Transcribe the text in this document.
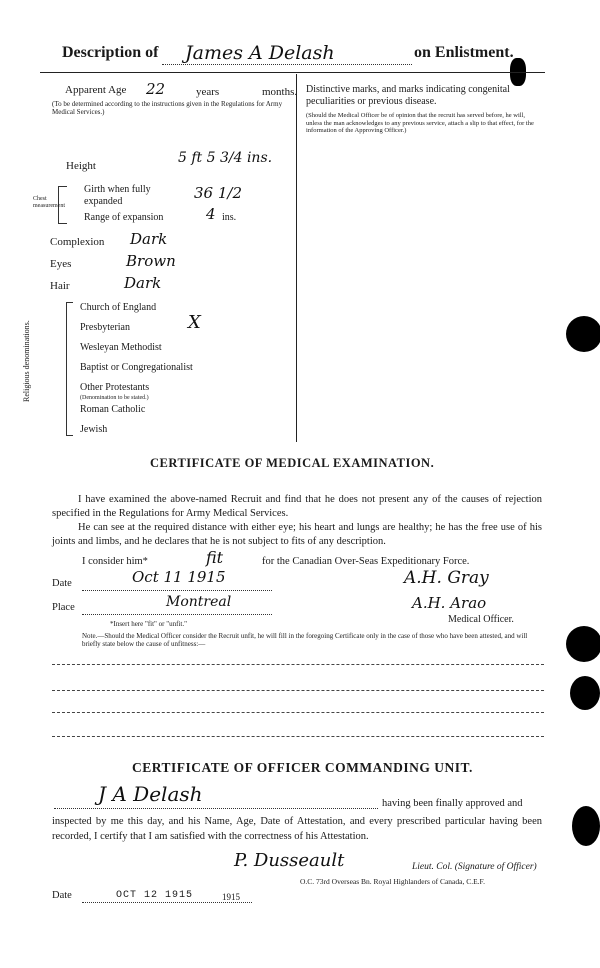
Description of James A Delash	on Enlistment.
Apparent Age 22	years	months.
(To be determined according to the instructions given in the Regulations for Army Medical Services.)
Height	5 ft 5 3/4 ins.
Chest measurement
Girth when fully expanded	36 1/2
Range of expansion	4 ins.
Complexion Dark
Eyes	Brown
Hair	Dark
Religious denominations.
Church of England
Presbyterian	X
Wesleyan Methodist
Baptist or Congregationalist
Other Protestants
(Denomination to be stated.)
Roman Catholic
Jewish
Distinctive marks, and marks indicating congenital peculiarities or previous disease.
(Should the Medical Officer be of opinion that the recruit has served before, he will, unless the man acknowledges to any previous service, attach a slip to that effect, for the information of the Approving Officer.)
CERTIFICATE OF MEDICAL EXAMINATION.
I have examined the above-named Recruit and find that he does not present any of the causes of rejection specified in the Regulations for Army Medical Services.
He can see at the required distance with either eye; his heart and lungs are healthy; he has the free use of his joints and limbs, and he declares that he is not subject to fits of any description.
I consider him*	fit	for the Canadian Over-Seas Expeditionary Force.
Date	Oct 11 1915	A.H. Gray
Place	Montreal	A.H. Arao
Medical Officer.
*Insert here "fit" or "unfit."
Note.—Should the Medical Officer consider the Recruit unfit, he will fill in the foregoing Certificate only in the case of those who have been attested, and will briefly state below the cause of unfitness:—
CERTIFICATE OF OFFICER COMMANDING UNIT.
J A Delash	having been finally approved and
inspected by me this day, and his Name, Age, Date of Attestation, and every prescribed particular having been recorded, I certify that I am satisfied with the correctness of his Attestation.
P. Dusseault	Lieut. Col. (Signature of Officer)
O.C. 73rd Overseas Bn. Royal Highlanders of Canada, C.E.F.
Date	OCT 12 1915	1915
